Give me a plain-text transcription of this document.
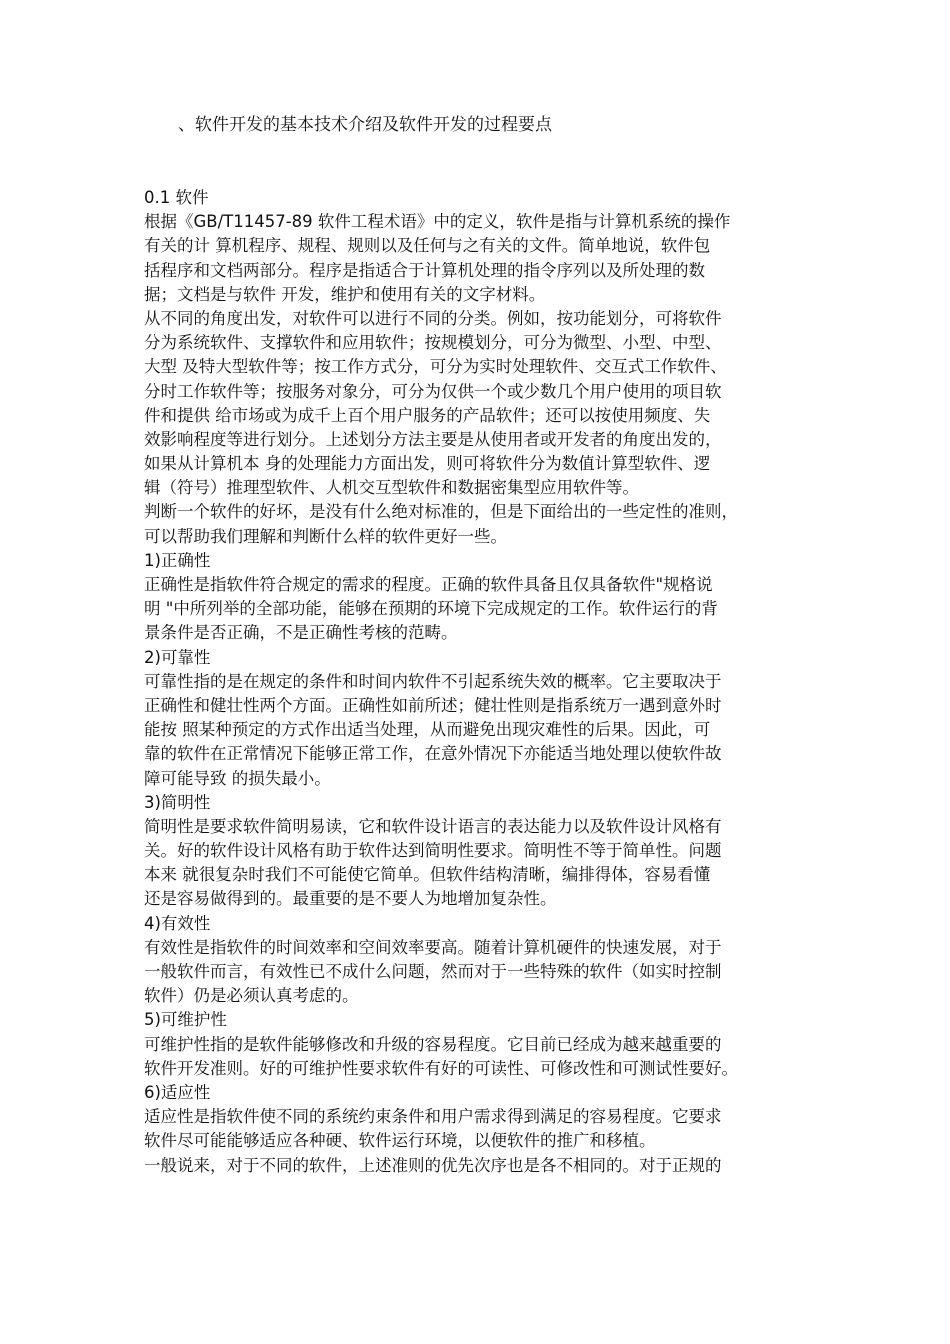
、软件开发的基本技术介绍及软件开发的过程要点
0.1 软件
根据《GB/T11457-89 软件工程术语》中的定义，软件是指与计算机系统的操作
有关的计 算机程序、规程、规则以及任何与之有关的文件。简单地说，软件包
括程序和文档两部分。程序是指适合于计算机处理的指令序列以及所处理的数
据；文档是与软件 开发，维护和使用有关的文字材料。
从不同的角度出发，对软件可以进行不同的分类。例如，按功能划分，可将软件
分为系统软件、支撑软件和应用软件；按规模划分，可分为微型、小型、中型、
大型 及特大型软件等；按工作方式分，可分为实时处理软件、交互式工作软件、
分时工作软件等；按服务对象分，可分为仅供一个或少数几个用户使用的项目软
件和提供 给市场或为成千上百个用户服务的产品软件；还可以按使用频度、失
效影响程度等进行划分。上述划分方法主要是从使用者或开发者的角度出发的，
如果从计算机本 身的处理能力方面出发，则可将软件分为数值计算型软件、逻
辑（符号）推理型软件、人机交互型软件和数据密集型应用软件等。
判断一个软件的好坏，是没有什么绝对标准的，但是下面给出的一些定性的准则，
可以帮助我们理解和判断什么样的软件更好一些。
1)正确性
正确性是指软件符合规定的需求的程度。正确的软件具备且仅具备软件"规格说
明 "中所列举的全部功能，能够在预期的环境下完成规定的工作。软件运行的背
景条件是否正确，不是正确性考核的范畴。
2)可靠性
可靠性指的是在规定的条件和时间内软件不引起系统失效的概率。它主要取决于
正确性和健壮性两个方面。正确性如前所述；健壮性则是指系统万一遇到意外时
能按 照某种预定的方式作出适当处理，从而避免出现灾难性的后果。因此，可
靠的软件在正常情况下能够正常工作，在意外情况下亦能适当地处理以使软件故
障可能导致 的损失最小。
3)简明性
简明性是要求软件简明易读，它和软件设计语言的表达能力以及软件设计风格有
关。好的软件设计风格有助于软件达到简明性要求。简明性不等于简单性。问题
本来 就很复杂时我们不可能使它简单。但软件结构清晰，编排得体，容易看懂
还是容易做得到的。最重要的是不要人为地增加复杂性。
4)有效性
有效性是指软件的时间效率和空间效率要高。随着计算机硬件的快速发展，对于
一般软件而言，有效性已不成什么问题，然而对于一些特殊的软件（如实时控制
软件）仍是必须认真考虑的。
5)可维护性
可维护性指的是软件能够修改和升级的容易程度。它目前已经成为越来越重要的
软件开发准则。好的可维护性要求软件有好的可读性、可修改性和可测试性要好。
6)适应性
适应性是指软件使不同的系统约束条件和用户需求得到满足的容易程度。它要求
软件尽可能能够适应各种硬、软件运行环境，以便软件的推广和移植。
一般说来，对于不同的软件，上述准则的优先次序也是各不相同的。对于正规的
